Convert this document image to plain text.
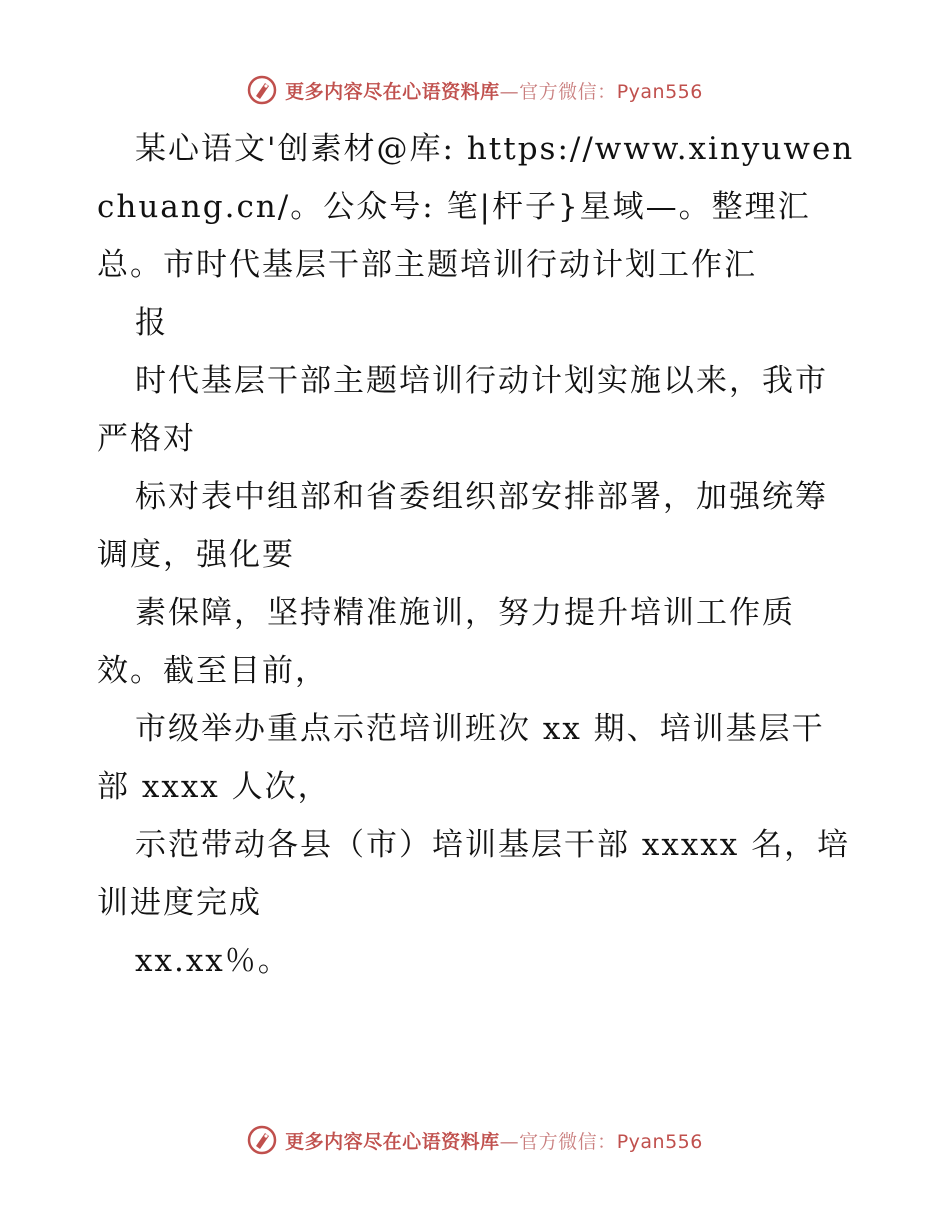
更多内容尽在心语资料库—官方微信：Pyan556

某心语文'创素材@库: https://www.xinyuwenchuang.cn/。公众号: 笔|杆子}星域—。整理汇总。市时代基层干部主题培训行动计划工作汇

报

时代基层干部主题培训行动计划实施以来，我市严格对

标对表中组部和省委组织部安排部署，加强统筹调度，强化要

素保障，坚持精准施训，努力提升培训工作质效。截至目前，

市级举办重点示范培训班次 xx 期、培训基层干部 xxxx 人次，

示范带动各县（市）培训基层干部 xxxxx 名，培训进度完成

xx.xx％。

更多内容尽在心语资料库—官方微信：Pyan556
